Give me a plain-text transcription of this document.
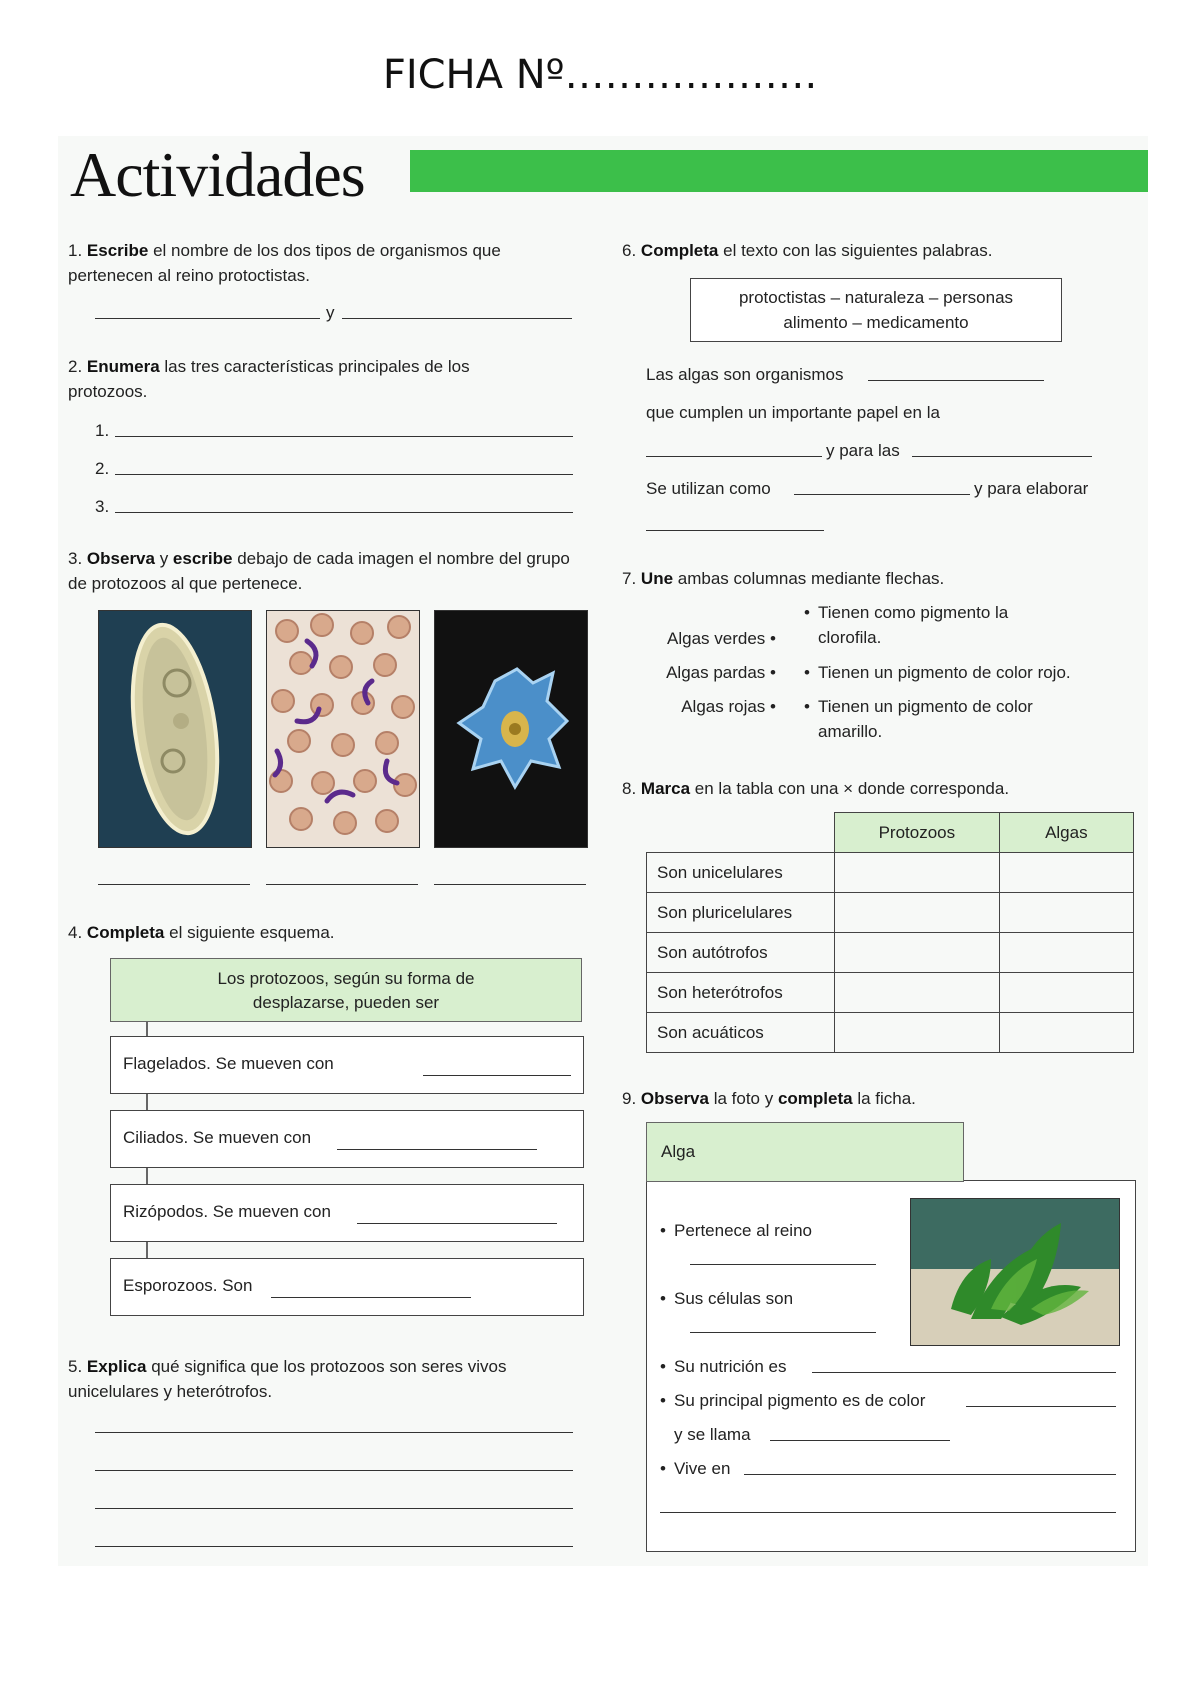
FICHA Nº……………….
Actividades
1. Escribe el nombre de los dos tipos de organismos que pertenecen al reino protoctistas.
y
2. Enumera las tres características principales de los protozoos.
1.
2.
3.
3. Observa y escribe debajo de cada imagen el nombre del grupo de protozoos al que pertenece.
4. Completa el siguiente esquema.
Los protozoos, según su forma de desplazarse, pueden ser
Flagelados. Se mueven con
Ciliados. Se mueven con
Rizópodos. Se mueven con
Esporozoos. Son
5. Explica qué significa que los protozoos son seres vivos unicelulares y heterótrofos.
6. Completa el texto con las siguientes palabras.
protoctistas – naturaleza – personas
alimento – medicamento
Las algas son organismos
que cumplen un importante papel en la
y para las
Se utilizan como	y para elaborar
7. Une ambas columnas mediante flechas.
Algas verdes •
Algas pardas •
Algas rojas •
• Tienen como pigmento la clorofila.
• Tienen un pigmento de color rojo.
• Tienen un pigmento de color amarillo.
8. Marca en la tabla con una × donde corresponda.
	Protozoos	Algas
Son unicelulares		
Son pluricelulares		
Son autótrofos		
Son heterótrofos		
Son acuáticos		
9. Observa la foto y completa la ficha.
Alga
• Pertenece al reino
• Sus células son
• Su nutrición es
• Su principal pigmento es de color
y se llama
• Vive en
